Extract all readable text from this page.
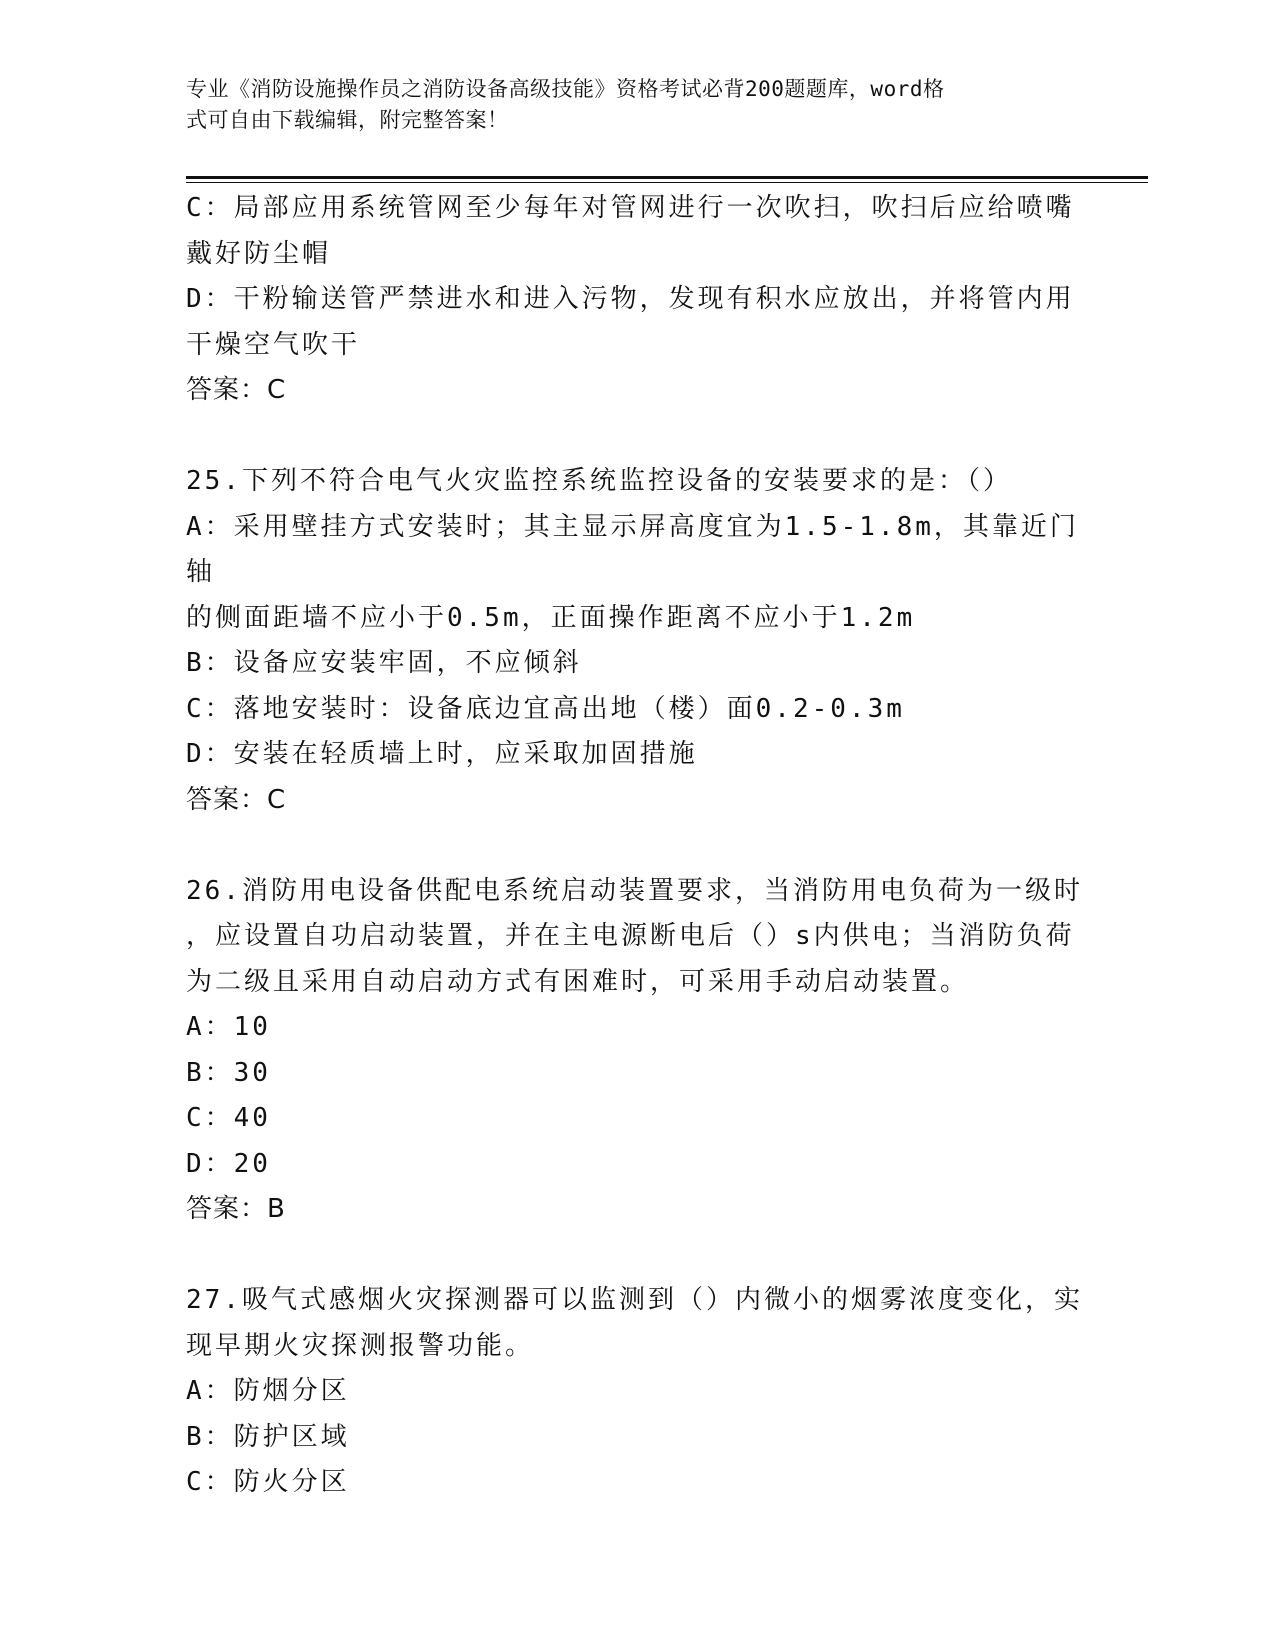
专业《消防设施操作员之消防设备高级技能》资格考试必背200题题库，word格
式可自由下载编辑，附完整答案！
C：局部应用系统管网至少每年对管网进行一次吹扫，吹扫后应给喷嘴
戴好防尘帽
D：干粉输送管严禁进水和进入污物，发现有积水应放出，并将管内用
干燥空气吹干
答案：C
25.下列不符合电气火灾监控系统监控设备的安装要求的是：（）
A：采用壁挂方式安装时；其主显示屏高度宜为1.5-1.8m，其靠近门轴
的侧面距墙不应小于0.5m，正面操作距离不应小于1.2m
B：设备应安装牢固，不应倾斜
C：落地安装时：设备底边宜高出地（楼）面0.2-0.3m
D：安装在轻质墙上时，应采取加固措施
答案：C
26.消防用电设备供配电系统启动装置要求，当消防用电负荷为一级时
，应设置自功启动装置，并在主电源断电后（）s内供电；当消防负荷
为二级且采用自动启动方式有困难时，可采用手动启动装置。
A：10
B：30
C：40
D：20
答案：B
27.吸气式感烟火灾探测器可以监测到（）内微小的烟雾浓度变化，实
现早期火灾探测报警功能。
A：防烟分区
B：防护区域
C：防火分区
